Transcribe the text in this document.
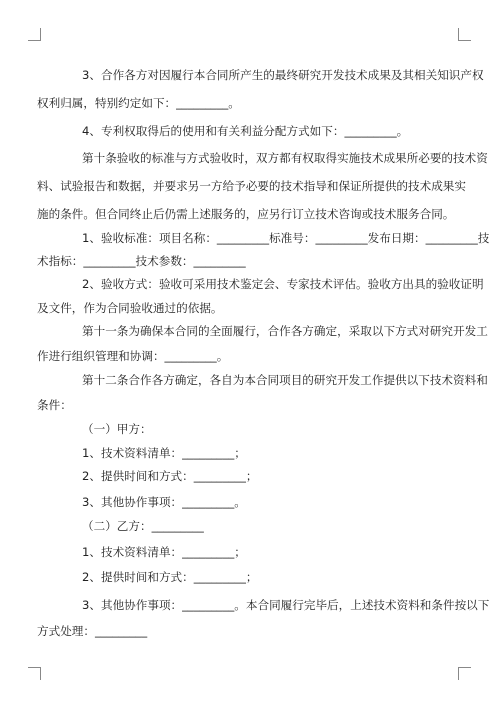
3、合作各方对因履行本合同所产生的最终研究开发技术成果及其相关知识产权
权利归属，特别约定如下：_________。
4、专利权取得后的使用和有关利益分配方式如下：_________。
第十条验收的标准与方式验收时，双方都有权取得实施技术成果所必要的技术资
料、试验报告和数据，并要求另一方给予必要的技术指导和保证所提供的技术成果实
施的条件。但合同终止后仍需上述服务的，应另行订立技术咨询或技术服务合同。
1、验收标准：项目名称：_________标准号：_________发布日期：_________技
术指标：_________技术参数：_________
2、验收方式：验收可采用技术鉴定会、专家技术评估。验收方出具的验收证明
及文件，作为合同验收通过的依据。
第十一条为确保本合同的全面履行，合作各方确定，采取以下方式对研究开发工
作进行组织管理和协调：_________。
第十二条合作各方确定，各自为本合同项目的研究开发工作提供以下技术资料和
条件：
（一）甲方：
1、技术资料清单：_________；
2、提供时间和方式：_________；
3、其他协作事项：_________。
（二）乙方：_________
1、技术资料清单：_________；
2、提供时间和方式：_________；
3、其他协作事项：_________。本合同履行完毕后，上述技术资料和条件按以下
方式处理：_________
